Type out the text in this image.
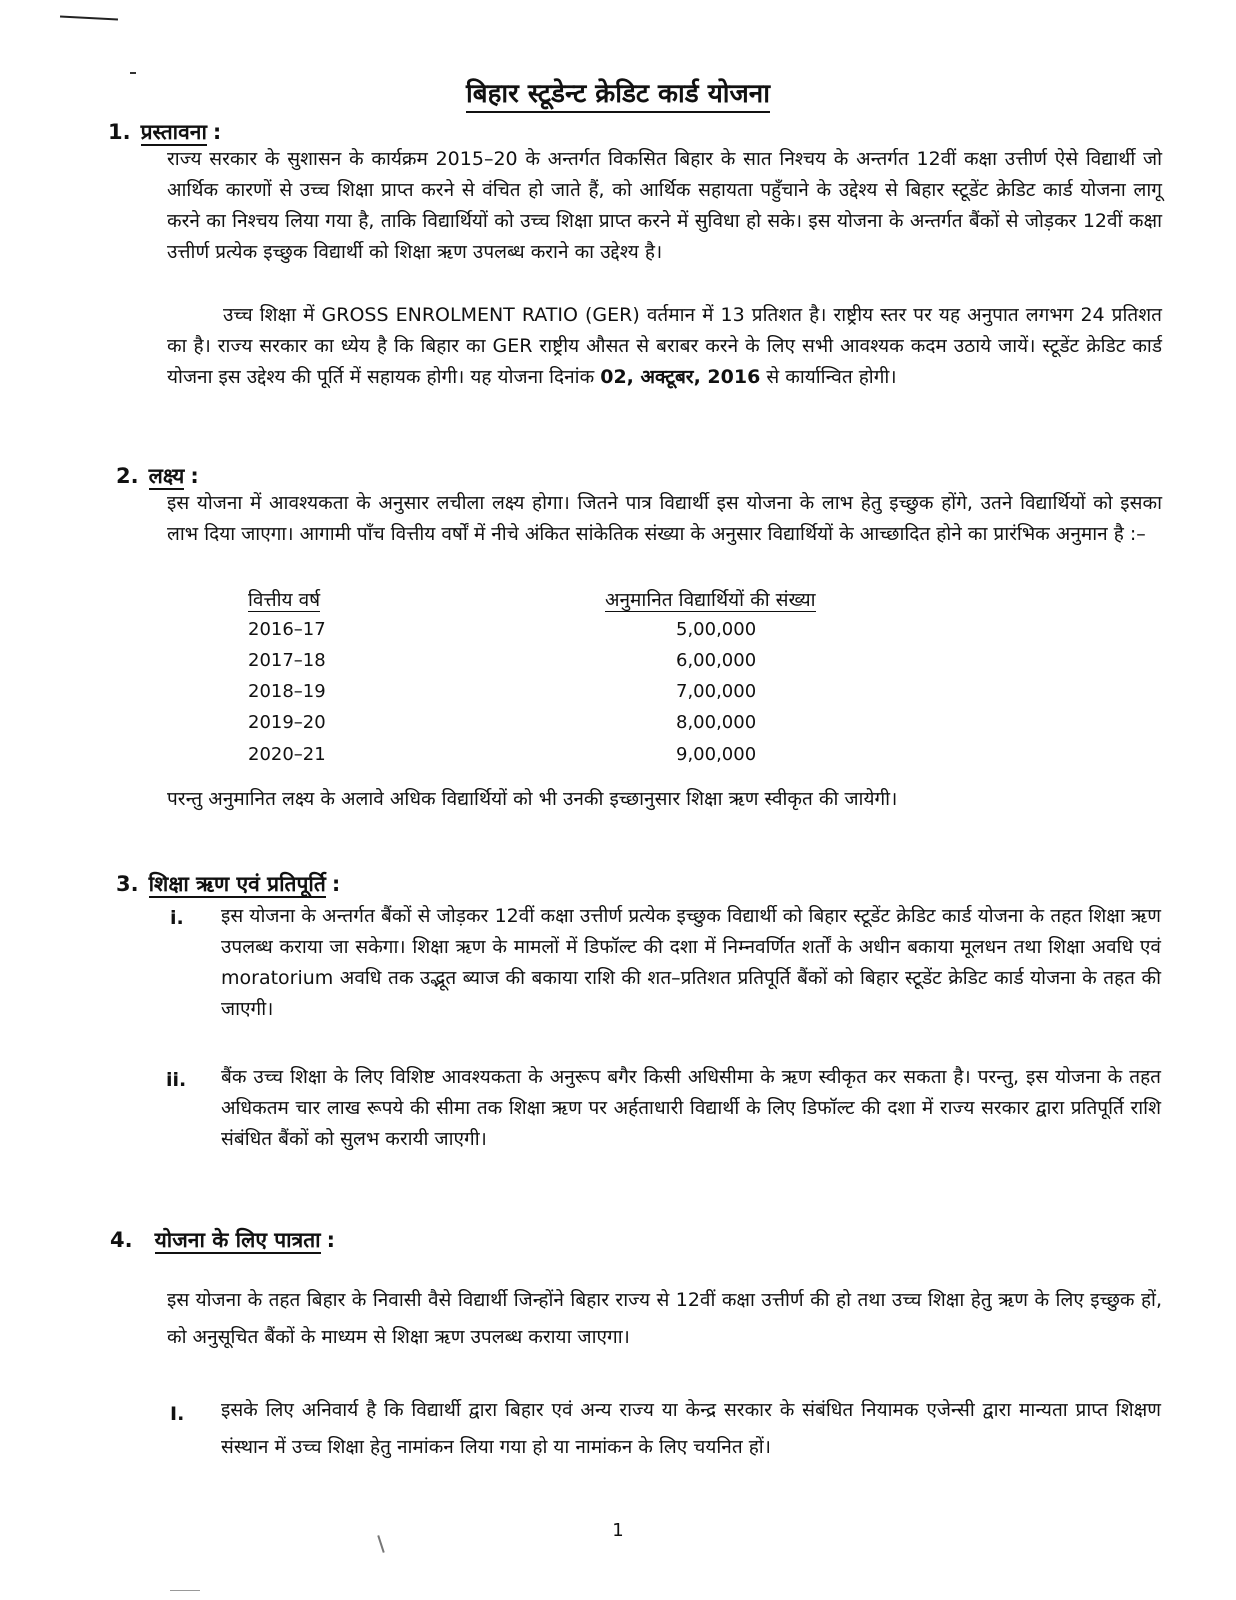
बिहार स्टूडेन्ट क्रेडिट कार्ड योजना
1. प्रस्तावना :

राज्य सरकार के सुशासन के कार्यक्रम 2015–20 के अन्तर्गत विकसित बिहार के सात निश्चय के अन्तर्गत 12वीं कक्षा उत्तीर्ण ऐसे विद्यार्थी जो आर्थिक कारणों से उच्च शिक्षा प्राप्त करने से वंचित हो जाते हैं, को आर्थिक सहायता पहुँचाने के उद्देश्य से बिहार स्टूडेंट क्रेडिट कार्ड योजना लागू करने का निश्चय लिया गया है, ताकि विद्यार्थियों को उच्च शिक्षा प्राप्त करने में सुविधा हो सके। इस योजना के अन्तर्गत बैंकों से जोड़कर 12वीं कक्षा उत्तीर्ण प्रत्येक इच्छुक विद्यार्थी को शिक्षा ऋण उपलब्ध कराने का उद्देश्य है।

उच्च शिक्षा में GROSS ENROLMENT RATIO (GER) वर्तमान में 13 प्रतिशत है। राष्ट्रीय स्तर पर यह अनुपात लगभग 24 प्रतिशत का है। राज्य सरकार का ध्येय है कि बिहार का GER राष्ट्रीय औसत से बराबर करने के लिए सभी आवश्यक कदम उठाये जायें। स्टूडेंट क्रेडिट कार्ड योजना इस उद्देश्य की पूर्ति में सहायक होगी। यह योजना दिनांक 02, अक्टूबर, 2016 से कार्यान्वित होगी।

2. लक्ष्य :

इस योजना में आवश्यकता के अनुसार लचीला लक्ष्य होगा। जितने पात्र विद्यार्थी इस योजना के लाभ हेतु इच्छुक होंगे, उतने विद्यार्थियों को इसका लाभ दिया जाएगा। आगामी पाँच वित्तीय वर्षों में नीचे अंकित सांकेतिक संख्या के अनुसार विद्यार्थियों के आच्छादित होने का प्रारंभिक अनुमान है :–

वित्तीय वर्ष	अनुमानित विद्यार्थियों की संख्या
2016–17	5,00,000
2017–18	6,00,000
2018–19	7,00,000
2019–20	8,00,000
2020–21	9,00,000

परन्तु अनुमानित लक्ष्य के अलावे अधिक विद्यार्थियों को भी उनकी इच्छानुसार शिक्षा ऋण स्वीकृत की जायेगी।

3. शिक्षा ऋण एवं प्रतिपूर्ति :
i. इस योजना के अन्तर्गत बैंकों से जोड़कर 12वीं कक्षा उत्तीर्ण प्रत्येक इच्छुक विद्यार्थी को बिहार स्टूडेंट क्रेडिट कार्ड योजना के तहत शिक्षा ऋण उपलब्ध कराया जा सकेगा। शिक्षा ऋण के मामलों में डिफॉल्ट की दशा में निम्नवर्णित शर्तों के अधीन बकाया मूलधन तथा शिक्षा अवधि एवं moratorium अवधि तक उद्भूत ब्याज की बकाया राशि की शत–प्रतिशत प्रतिपूर्ति बैंकों को बिहार स्टूडेंट क्रेडिट कार्ड योजना के तहत की जाएगी।

ii. बैंक उच्च शिक्षा के लिए विशिष्ट आवश्यकता के अनुरूप बगैर किसी अधिसीमा के ऋण स्वीकृत कर सकता है। परन्तु, इस योजना के तहत अधिकतम चार लाख रूपये की सीमा तक शिक्षा ऋण पर अर्हताधारी विद्यार्थी के लिए डिफॉल्ट की दशा में राज्य सरकार द्वारा प्रतिपूर्ति राशि संबंधित बैंकों को सुलभ करायी जाएगी।

4. योजना के लिए पात्रता :

इस योजना के तहत बिहार के निवासी वैसे विद्यार्थी जिन्होंने बिहार राज्य से 12वीं कक्षा उत्तीर्ण की हो तथा उच्च शिक्षा हेतु ऋण के लिए इच्छुक हों, को अनुसूचित बैंकों के माध्यम से शिक्षा ऋण उपलब्ध कराया जाएगा।

I. इसके लिए अनिवार्य है कि विद्यार्थी द्वारा बिहार एवं अन्य राज्य या केन्द्र सरकार के संबंधित नियामक एजेन्सी द्वारा मान्यता प्राप्त शिक्षण संस्थान में उच्च शिक्षा हेतु नामांकन लिया गया हो या नामांकन के लिए चयनित हों।

1
